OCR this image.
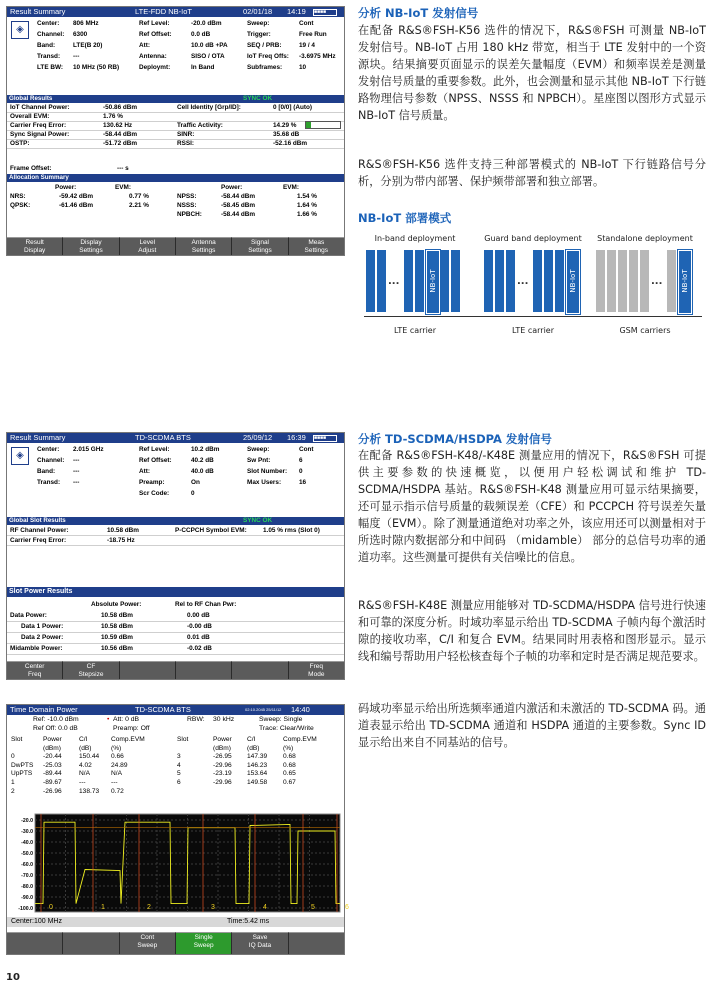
Result Summary	LTE-FDD NB-IoT	02/01/18 14:19 ■■■■
◈
Center: 806 MHz	Ref Level:	-20.0 dBm	Sweep:	Cont
Channel: 6300	Ref Offset:	0.0 dB	Trigger:	Free Run
Band:	LTE(B 20)	Att:	10.0 dB +PA	SEQ / PRB:	19 / 4
Transd: ---	Antenna:	SISO / OTA	IoT Freq Offs: -3.6975 MHz
LTE BW: 10 MHz (50 RB)	Deploymt:	In Band	Subframes:	10
Global Results	SYNC OK
IoT Channel Power:	-50.86 dBm	Cell Identity [Grp/ID]:	0 [0/0] (Auto)
Overall EVM:	1.76 %
Carrier Freq Error:	130.62 Hz	Traffic Activity:	14.29 %
Sync Signal Power:	-58.44 dBm	SINR:	35.68 dB
OSTP:	-51.72 dBm	RSSI:	-52.16 dBm
Frame Offset:	--- s
Allocation Summary
Power:	EVM:	Power:	EVM:
NRS:	-59.42 dBm	0.77 %	NPSS:	-58.44 dBm	1.54 %
QPSK:	-61.46 dBm	2.21 %	NSSS:	-58.45 dBm	1.64 %
NPBCH:	-58.44 dBm	1.66 %
Result
Display
Display
Settings
Level
Adjust
Antenna
Settings
Signal
Settings
Meas
Settings
分析 NB-IoT 发射信号
在配备 R&S®FSH-K56 选件的情况下，R&S®FSH 可测量 NB-IoT 发射信号。NB-IoT 占用 180 kHz 带宽，相当于 LTE 发射中的一个资源块。结果摘要页面显示的误差矢量幅度（EVM）和频率误差是测量发射信号质量的重要参数。此外，也会测量和显示其他 NB-IoT 下行链路物理信号参数（NPSS、NSSS 和 NPBCH）。星座图以图形方式显示 NB-IoT 信号质量。
R&S®FSH-K56 选件支持三种部署模式的 NB-IoT 下行链路信号分析，分别为带内部署、保护频带部署和独立部署。
NB-IoT 部署模式
In-band deployment
...	NB-IoT
LTE carrier
Guard band deployment
...	NB-IoT
LTE carrier
Standalone deployment
...	NB-IoT
GSM carriers
Result Summary	TD-SCDMA BTS	25/09/12 16:39 ■■■■
◈
Center: 2.015 GHz	Ref Level:	10.2 dBm	Sweep:	Cont
Channel: ---	Ref Offset:	40.2 dB	Sw Pnt:	6
Band:	---	Att:	40.0 dB	Slot Number: 0
Transd: ---	Preamp:	On	Max Users:	16
Scr Code:	0
Global Slot Results	SYNC OK
RF Channel Power:	10.58 dBm	P-CCPCH Symbol EVM:	1.05 % rms (Slot 0)
Carrier Freq Error:	-18.75 Hz
Slot Power Results
Absolute Power:	Rel to RF Chan Pwr:
Data Power:	10.58 dBm	0.00 dB
Data 1 Power:	10.58 dBm	-0.00 dB
Data 2 Power:	10.59 dBm	0.01 dB
Midamble Power:	10.56 dBm	-0.02 dB
Center
Freq
CF
Stepsize
Freq
Mode
Time Domain Power	TD-SCDMA BTS	02:10.2045 25/11/12 14:40
Ref: -10.0 dBm	• Att: 0 dB	RBW: 30 kHz	Sweep: Single
Ref Off: 0.0 dB	Preamp: Off	Trace: Clear/Write
Slot	Power	C/I	Comp.EVM	Slot	Power C/I	Comp.EVM
(dBm)	(dB)	(%)	(dBm) (dB)	(%)
0	-20.44	150.44 0.66	3	-26.95 147.39 0.68
DwPTS -25.03	4.02	24.89	4	-29.96 146.23 0.68
UpPTS -89.44	N/A	N/A	5	-23.19 153.64 0.65
1	-89.67	---	---	6	-29.96 149.58 0.67
2	-26.96	138.73 0.72
-20.0
-30.0
-40.0
-50.0
-60.0
-70.0
-80.0
-90.0
-100.0 0	1	2	3	4	5	6
Center:100 MHz	Time:5.42 ms
Cont
Sweep
Single
Sweep
Save
IQ Data
分析 TD-SCDMA/HSDPA 发射信号
在配备 R&S®FSH-K48/-K48E 测量应用的情况下，R&S®FSH 可提供主要参数的快速概览，以便用户轻松调试和维护 TD-SCDMA/HSDPA 基站。R&S®FSH-K48 测量应用可显示结果摘要，还可显示指示信号质量的载频误差（CFE）和 PCCPCH 符号误差矢量幅度（EVM）。除了测量通道绝对功率之外，该应用还可以测量相对于所选时隙内数据部分和中间码 （midamble） 部分的总信号功率的通道功率。这些测量可提供有关信噪比的信息。
R&S®FSH-K48E 测量应用能够对 TD-SCDMA/HSDPA 信号进行快速和可靠的深度分析。时域功率显示给出 TD-SCDMA 子帧内每个激活时隙的接收功率，C/I 和复合 EVM。结果同时用表格和图形显示。显示线和编号帮助用户轻松核查每个子帧的功率和定时是否满足规范要求。
码域功率显示给出所选频率通道内激活和未激活的 TD-SCDMA 码。通道表显示给出 TD-SCDMA 通道和 HSDPA 通道的主要参数。Sync ID 显示给出来自不同基站的信号。
10
